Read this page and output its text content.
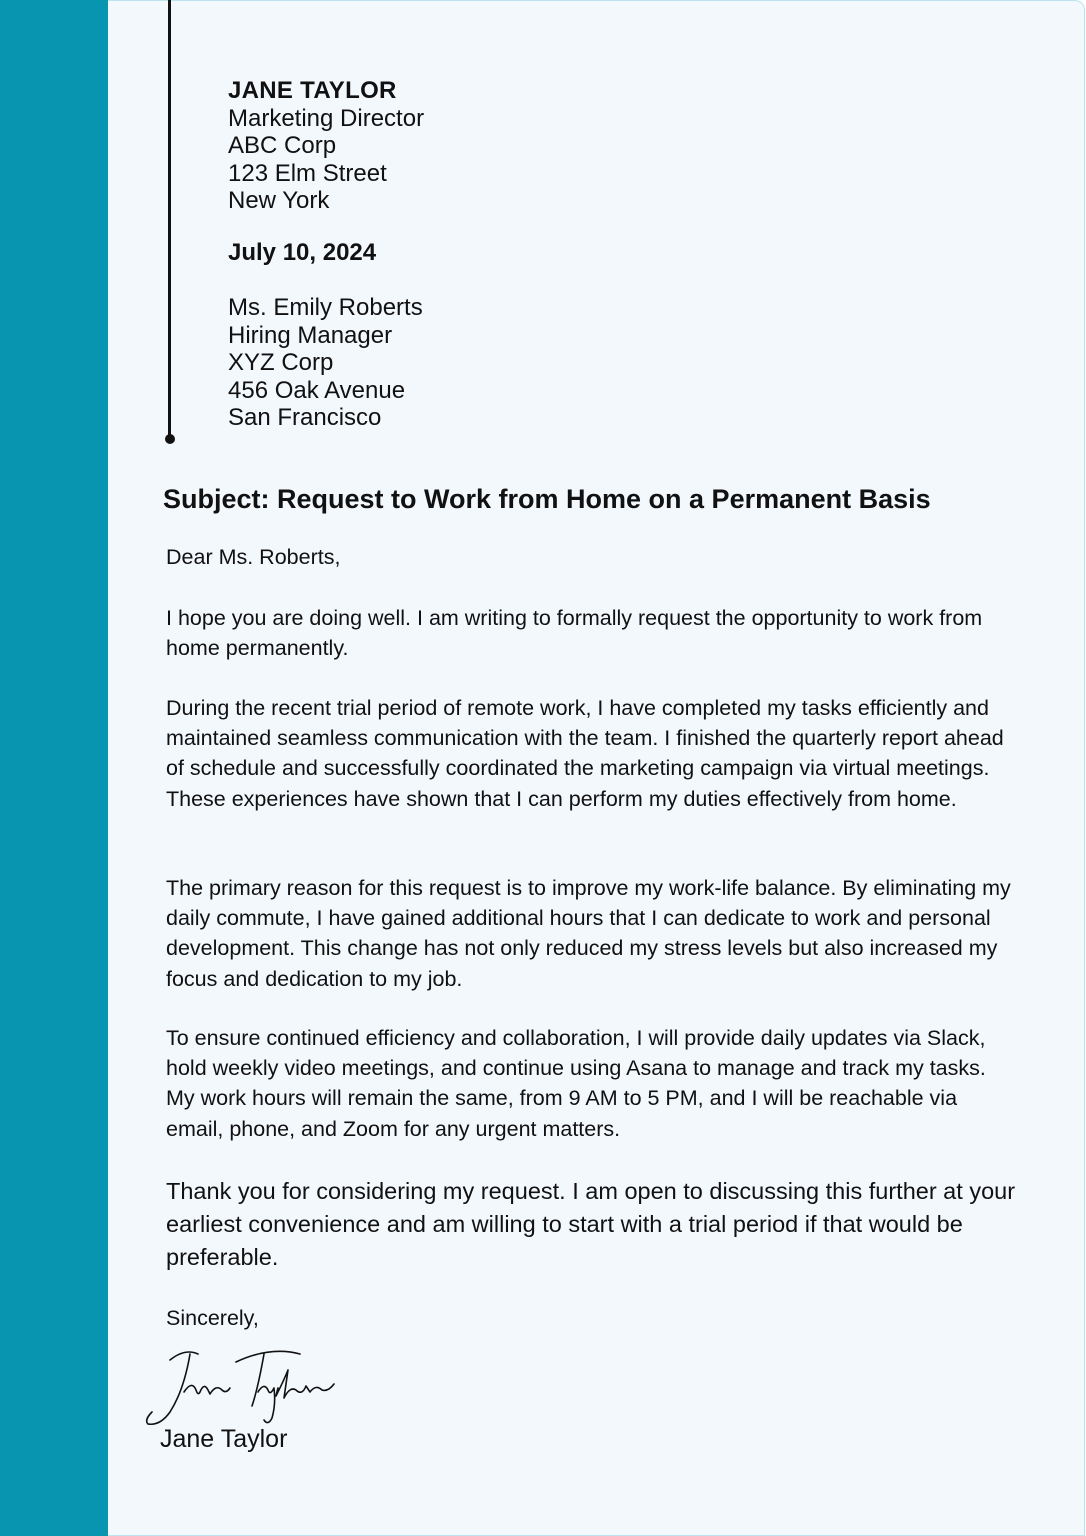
JANE TAYLOR
Marketing Director
ABC Corp
123 Elm Street
New York
July 10, 2024
Ms. Emily Roberts
Hiring Manager
XYZ Corp
456 Oak Avenue
San Francisco
Subject: Request to Work from Home on a Permanent Basis
Dear Ms. Roberts,
I hope you are doing well. I am writing to formally request the opportunity to work from home permanently.
During the recent trial period of remote work, I have completed my tasks efficiently and maintained seamless communication with the team. I finished the quarterly report ahead of schedule and successfully coordinated the marketing campaign via virtual meetings. These experiences have shown that I can perform my duties effectively from home.
The primary reason for this request is to improve my work-life balance. By eliminating my daily commute, I have gained additional hours that I can dedicate to work and personal development. This change has not only reduced my stress levels but also increased my focus and dedication to my job.
To ensure continued efficiency and collaboration, I will provide daily updates via Slack, hold weekly video meetings, and continue using Asana to manage and track my tasks. My work hours will remain the same, from 9 AM to 5 PM, and I will be reachable via email, phone, and Zoom for any urgent matters.
Thank you for considering my request. I am open to discussing this further at your earliest convenience and am willing to start with a trial period if that would be preferable.
Sincerely,
Jane Taylor
